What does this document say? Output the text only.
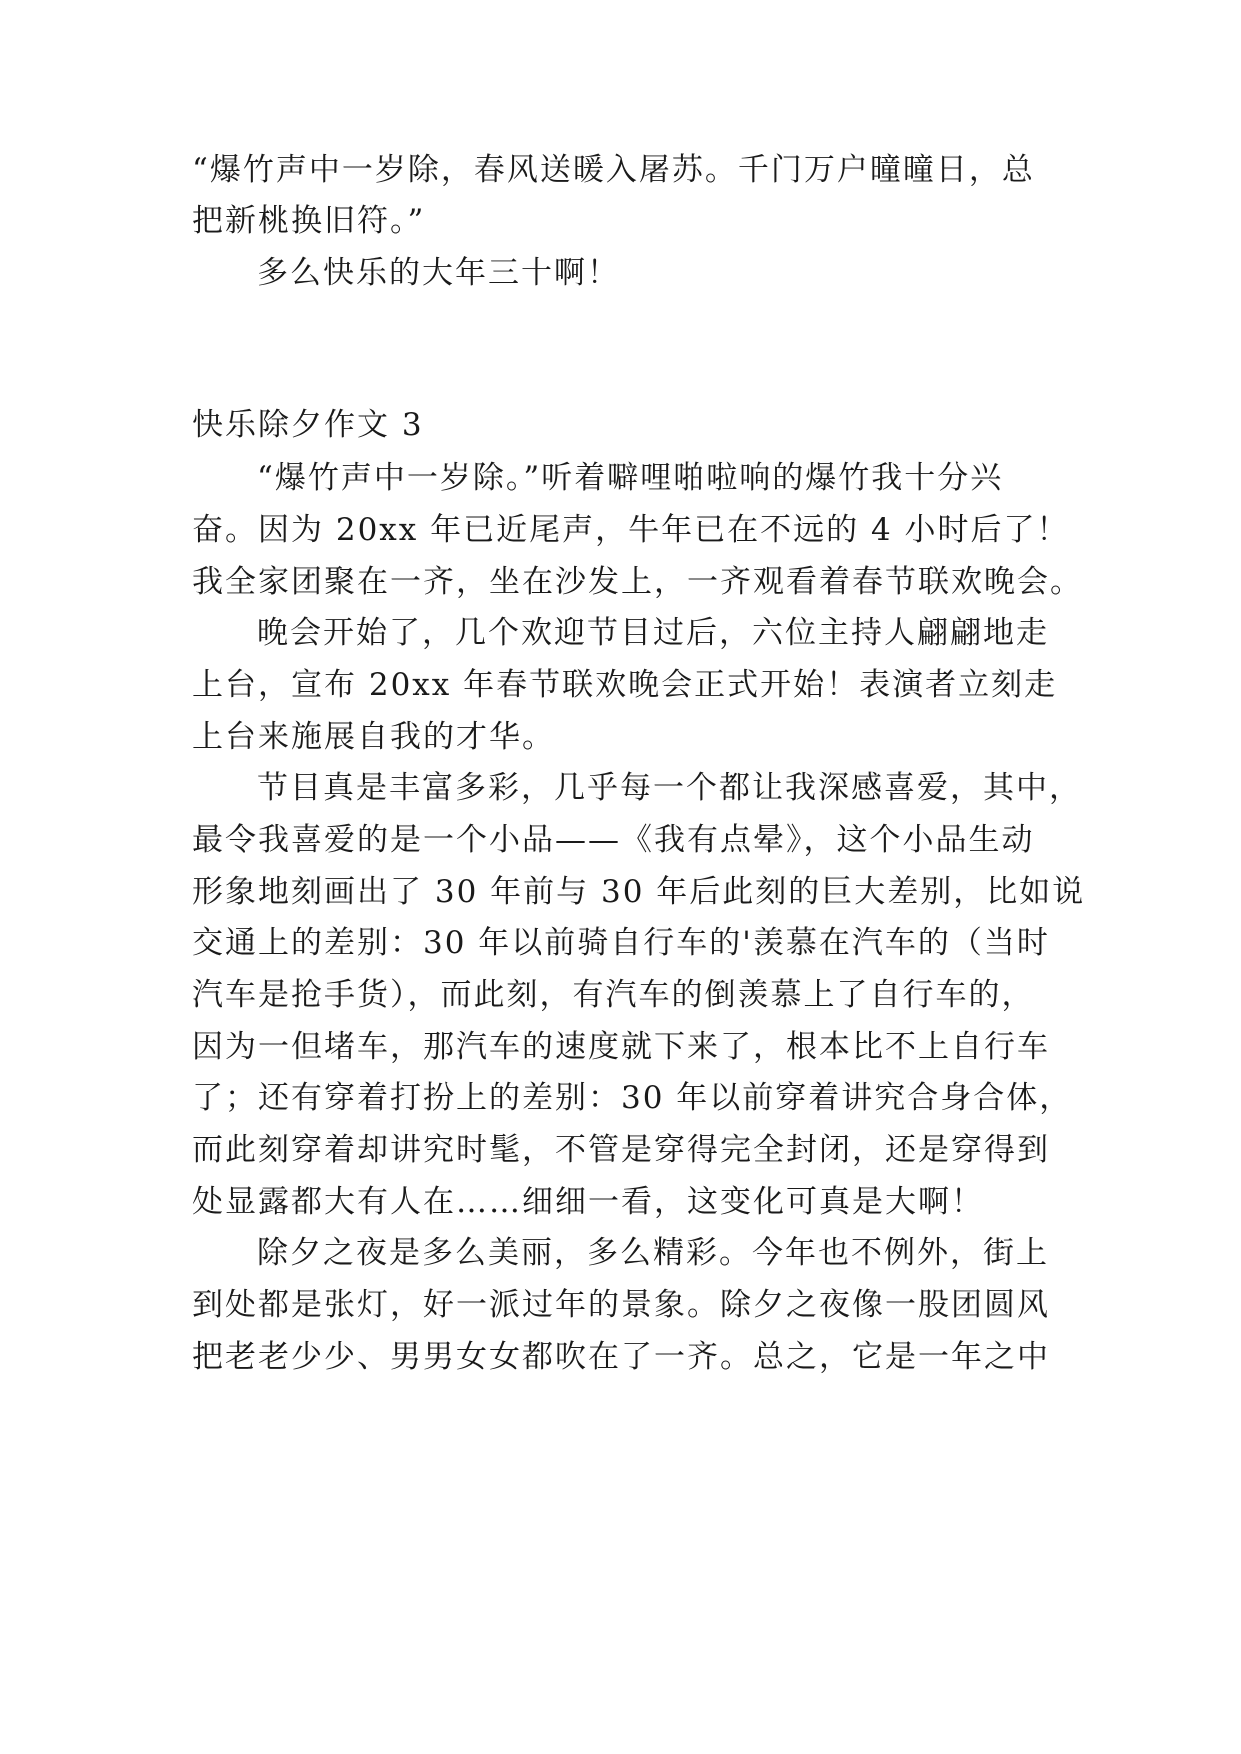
“爆竹声中一岁除，春风送暖入屠苏。千门万户曈曈日，总
把新桃换旧符。”
多么快乐的大年三十啊！
快乐除夕作文 3
“爆竹声中一岁除。”听着噼哩啪啦响的爆竹我十分兴
奋。因为 20xx 年已近尾声，牛年已在不远的 4 小时后了！
我全家团聚在一齐，坐在沙发上，一齐观看着春节联欢晚会。
晚会开始了，几个欢迎节目过后，六位主持人翩翩地走
上台，宣布 20xx 年春节联欢晚会正式开始！表演者立刻走
上台来施展自我的才华。
节目真是丰富多彩，几乎每一个都让我深感喜爱，其中，
最令我喜爱的是一个小品——《我有点晕》，这个小品生动
形象地刻画出了 30 年前与 30 年后此刻的巨大差别，比如说
交通上的差别：30 年以前骑自行车的'羡慕在汽车的（当时
汽车是抢手货），而此刻，有汽车的倒羡慕上了自行车的，
因为一但堵车，那汽车的速度就下来了，根本比不上自行车
了；还有穿着打扮上的差别：30 年以前穿着讲究合身合体，
而此刻穿着却讲究时髦，不管是穿得完全封闭，还是穿得到
处显露都大有人在……细细一看，这变化可真是大啊！
除夕之夜是多么美丽，多么精彩。今年也不例外，街上
到处都是张灯，好一派过年的景象。除夕之夜像一股团圆风
把老老少少、男男女女都吹在了一齐。总之，它是一年之中
